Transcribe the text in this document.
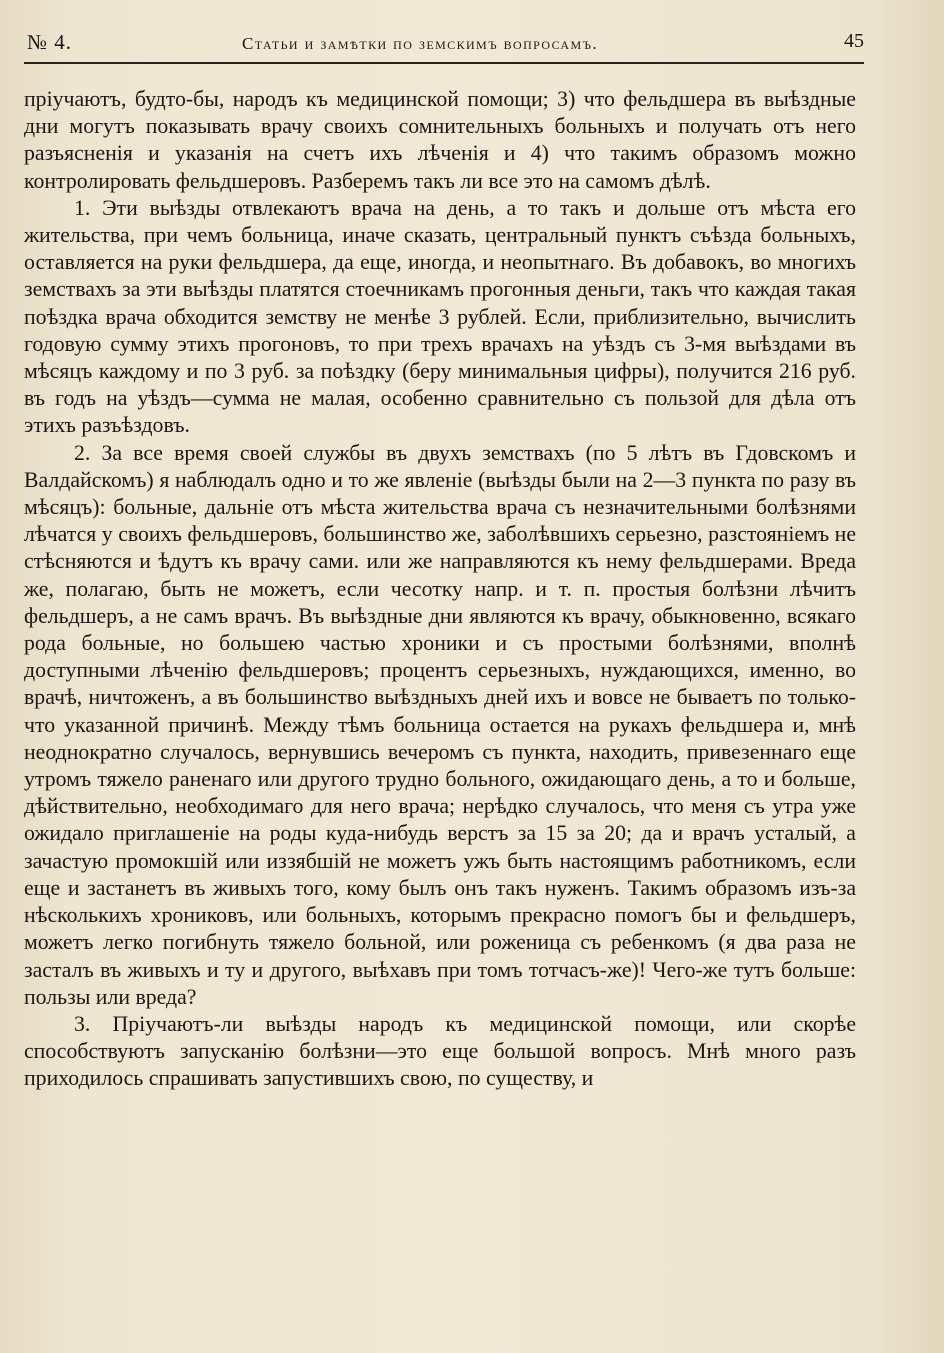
№ 4.	Статьи и замѣтки по земскимъ вопросамъ.	45

пріучаютъ, будто-бы, народъ къ медицинской помощи; 3) что фельдшера въ выѣздные дни могутъ показывать врачу своихъ сомнительныхъ больныхъ и получать отъ него разъясненія и указанія на счетъ ихъ лѣченія и 4) что такимъ образомъ можно контролировать фельдшеровъ. Разберемъ такъ ли все это на самомъ дѣлѣ.

1. Эти выѣзды отвлекаютъ врача на день, а то такъ и дольше отъ мѣста его жительства, при чемъ больница, иначе сказать, центральный пунктъ съѣзда больныхъ, оставляется на руки фельдшера, да еще, иногда, и неопытнаго. Въ добавокъ, во многихъ земствахъ за эти выѣзды платятся стоечникамъ прогонныя деньги, такъ что каждая такая поѣздка врача обходится земству не менѣе 3 рублей. Если, приблизительно, вычислить годовую сумму этихъ прогоновъ, то при трехъ врачахъ на уѣздъ съ 3-мя выѣздами въ мѣсяцъ каждому и по 3 руб. за поѣздку (беру минимальныя цифры), получится 216 руб. въ годъ на уѣздъ—сумма не малая, особенно сравнительно съ пользой для дѣла отъ этихъ разъѣздовъ.

2. За все время своей службы въ двухъ земствахъ (по 5 лѣтъ въ Гдовскомъ и Валдайскомъ) я наблюдалъ одно и то же явленіе (выѣзды были на 2—3 пункта по разу въ мѣсяцъ): больные, дальніе отъ мѣста жительства врача съ незначительными болѣзнями лѣчатся у своихъ фельдшеровъ, большинство же, заболѣвшихъ серьезно, разстояніемъ не стѣсняются и ѣдутъ къ врачу сами. или же направляются къ нему фельдшерами. Вреда же, полагаю, быть не можетъ, если чесотку напр. и т. п. простыя болѣзни лѣчитъ фельдшеръ, а не самъ врачъ. Въ выѣздные дни являются къ врачу, обыкновенно, всякаго рода больные, но большею частью хроники и съ простыми болѣзнями, вполнѣ доступными лѣченію фельдшеровъ; процентъ серьезныхъ, нуждающихся, именно, во врачѣ, ничтоженъ, а въ большинство выѣздныхъ дней ихъ и вовсе не бываетъ по только-что указанной причинѣ. Между тѣмъ больница остается на рукахъ фельдшера и, мнѣ неоднократно случалось, вернувшись вечеромъ съ пункта, находить, привезеннаго еще утромъ тяжело раненаго или другого трудно больного, ожидающаго день, а то и больше, дѣйствительно, необходимаго для него врача; нерѣдко случалось, что меня съ утра уже ожидало приглашеніе на роды куда-нибудь верстъ за 15 за 20; да и врачъ усталый, а зачастую промокшій или иззябшій не можетъ ужъ быть настоящимъ работникомъ, если еще и застанетъ въ живыхъ того, кому былъ онъ такъ нуженъ. Такимъ образомъ изъ-за нѣсколькихъ хрониковъ, или больныхъ, которымъ прекрасно помогъ бы и фельдшеръ, можетъ легко погибнуть тяжело больной, или роженица съ ребенкомъ (я два раза не засталъ въ живыхъ и ту и другого, выѣхавъ при томъ тотчасъ-же)! Чего-же тутъ больше: пользы или вреда?

3. Пріучаютъ-ли выѣзды народъ къ медицинской помощи, или скорѣе способствуютъ запусканію болѣзни—это еще большой вопросъ. Мнѣ много разъ приходилось спрашивать запустившихъ свою, по существу, и
